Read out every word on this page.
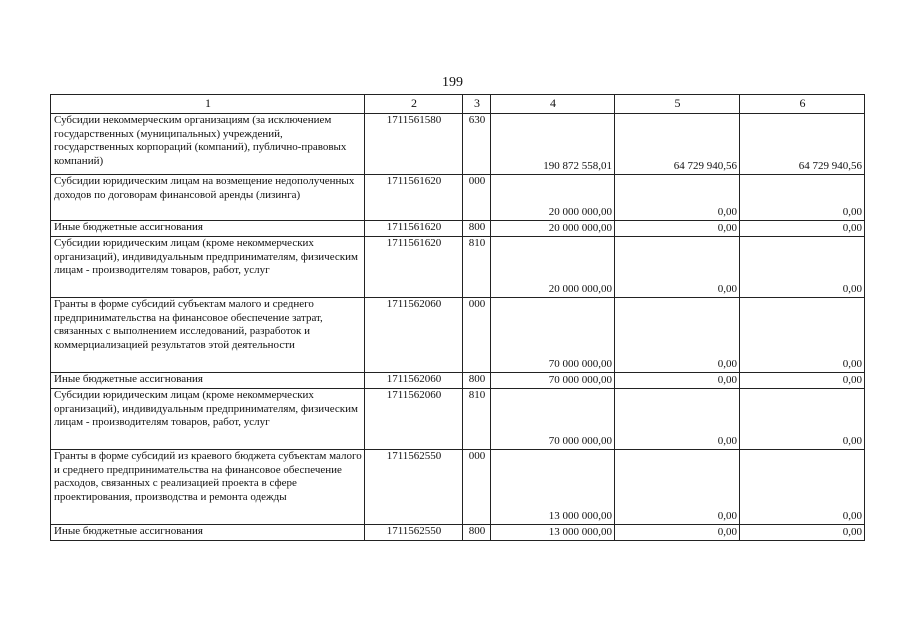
199
1	2	3	4	5	6
Субсидии некоммерческим организациям (за исключением государственных (муниципальных) учреждений, государственных корпораций (компаний), публично-правовых компаний)	1711561580	630	190 872 558,01	64 729 940,56	64 729 940,56
Субсидии юридическим лицам на возмещение недополученных доходов по договорам финансовой аренды (лизинга)	1711561620	000	20 000 000,00	0,00	0,00
Иные бюджетные ассигнования	1711561620	800	20 000 000,00	0,00	0,00
Субсидии юридическим лицам (кроме некоммерческих организаций), индивидуальным предпринимателям, физическим лицам - производителям товаров, работ, услуг	1711561620	810	20 000 000,00	0,00	0,00
Гранты в форме субсидий субъектам малого и среднего предпринимательства на финансовое обеспечение затрат, связанных с выполнением исследований, разработок и коммерциализацией результатов этой деятельности	1711562060	000	70 000 000,00	0,00	0,00
Иные бюджетные ассигнования	1711562060	800	70 000 000,00	0,00	0,00
Субсидии юридическим лицам (кроме некоммерческих организаций), индивидуальным предпринимателям, физическим лицам - производителям товаров, работ, услуг	1711562060	810	70 000 000,00	0,00	0,00
Гранты в форме субсидий из краевого бюджета субъектам малого и среднего предпринимательства на финансовое обеспечение расходов, связанных с реализацией проекта в сфере проектирования, производства и ремонта одежды	1711562550	000	13 000 000,00	0,00	0,00
Иные бюджетные ассигнования	1711562550	800	13 000 000,00	0,00	0,00
